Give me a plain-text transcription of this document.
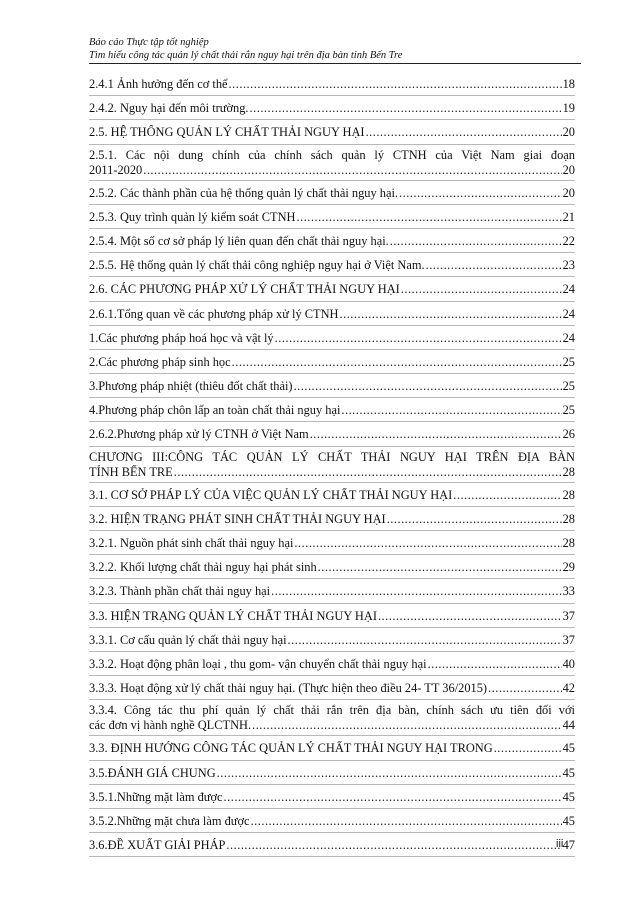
Báo cáo Thực tập tốt nghiệp
Tìm hiểu công tác quản lý chất thải rắn nguy hại trên địa bàn tỉnh Bến Tre
2.4.1 Ảnh hưởng đến cơ thể .....	18
2.4.2. Nguy hại đến môi trường. .....	19
2.5. HỆ THỐNG QUẢN LÝ CHẤT THẢI NGUY HẠI .....	20
2.5.1. Các nội dung chính của chính sách quản lý CTNH của Việt Nam giai đoạn
2011-2020 .....	20
2.5.2. Các thành phần của hệ thống quản lý chất thải nguy hại. .....	20
2.5.3. Quy trình quản lý kiểm soát CTNH .....	21
2.5.4. Một số cơ sở pháp lý liên quan đến chất thải nguy hại. .....	22
2.5.5. Hệ thống quản lý chất thải công nghiệp nguy hại ở Việt Nam. .....	23
2.6. CÁC PHƯƠNG PHÁP XỬ LÝ CHẤT THẢI NGUY HẠI .....	24
2.6.1.Tổng quan về các phương pháp xử lý CTNH .....	24
1.Các phương pháp hoá học và vật lý .....	24
2.Các phương pháp sinh học .....	25
3.Phương pháp nhiệt (thiêu đốt chất thải) .....	25
4.Phương pháp chôn lấp an toàn chất thải nguy hại .....	25
2.6.2.Phương pháp xử lý CTNH ở Việt Nam .....	26
CHƯƠNG III:CÔNG TÁC QUẢN LÝ CHẤT THẢI NGUY HẠI TRÊN ĐỊA BÀN
TỈNH BẾN TRE .....	28
3.1. CƠ SỞ PHÁP LÝ CỦA VIỆC QUẢN LÝ CHẤT THẢI NGUY HẠI .....	28
3.2. HIỆN TRẠNG PHÁT SINH CHẤT THẢI NGUY HẠI .....	28
3.2.1. Nguồn phát sinh chất thải nguy hại .....	28
3.2.2. Khối lượng chất thải nguy hại phát sinh .....	29
3.2.3. Thành phần chất thải nguy hại .....	33
3.3. HIỆN TRẠNG QUẢN LÝ CHẤT THẢI NGUY HẠI .....	37
3.3.1. Cơ cấu quản lý chất thải nguy hại .....	37
3.3.2. Hoạt động phân loại , thu gom- vận chuyển chất thải nguy hại .....	40
3.3.3. Hoạt động xử lý chất thải nguy hại. (Thực hiện theo điều 24- TT 36/2015) .....	42
3.3.4. Công tác thu phí quản lý chất thải rắn trên địa bàn, chính sách ưu tiên đối với
các đơn vị hành nghề QLCTNH. .....	44
3.3. ĐỊNH HƯỚNG CÔNG TÁC QUẢN LÝ CHẤT THẢI NGUY HẠI TRONG .....	45
3.5.ĐÁNH GIÁ CHUNG .....	45
3.5.1.Những mặt làm được .....	45
3.5.2.Những mặt chưa làm được .....	45
3.6.ĐỀ XUẤT GIẢI PHÁP .....	47
iii
